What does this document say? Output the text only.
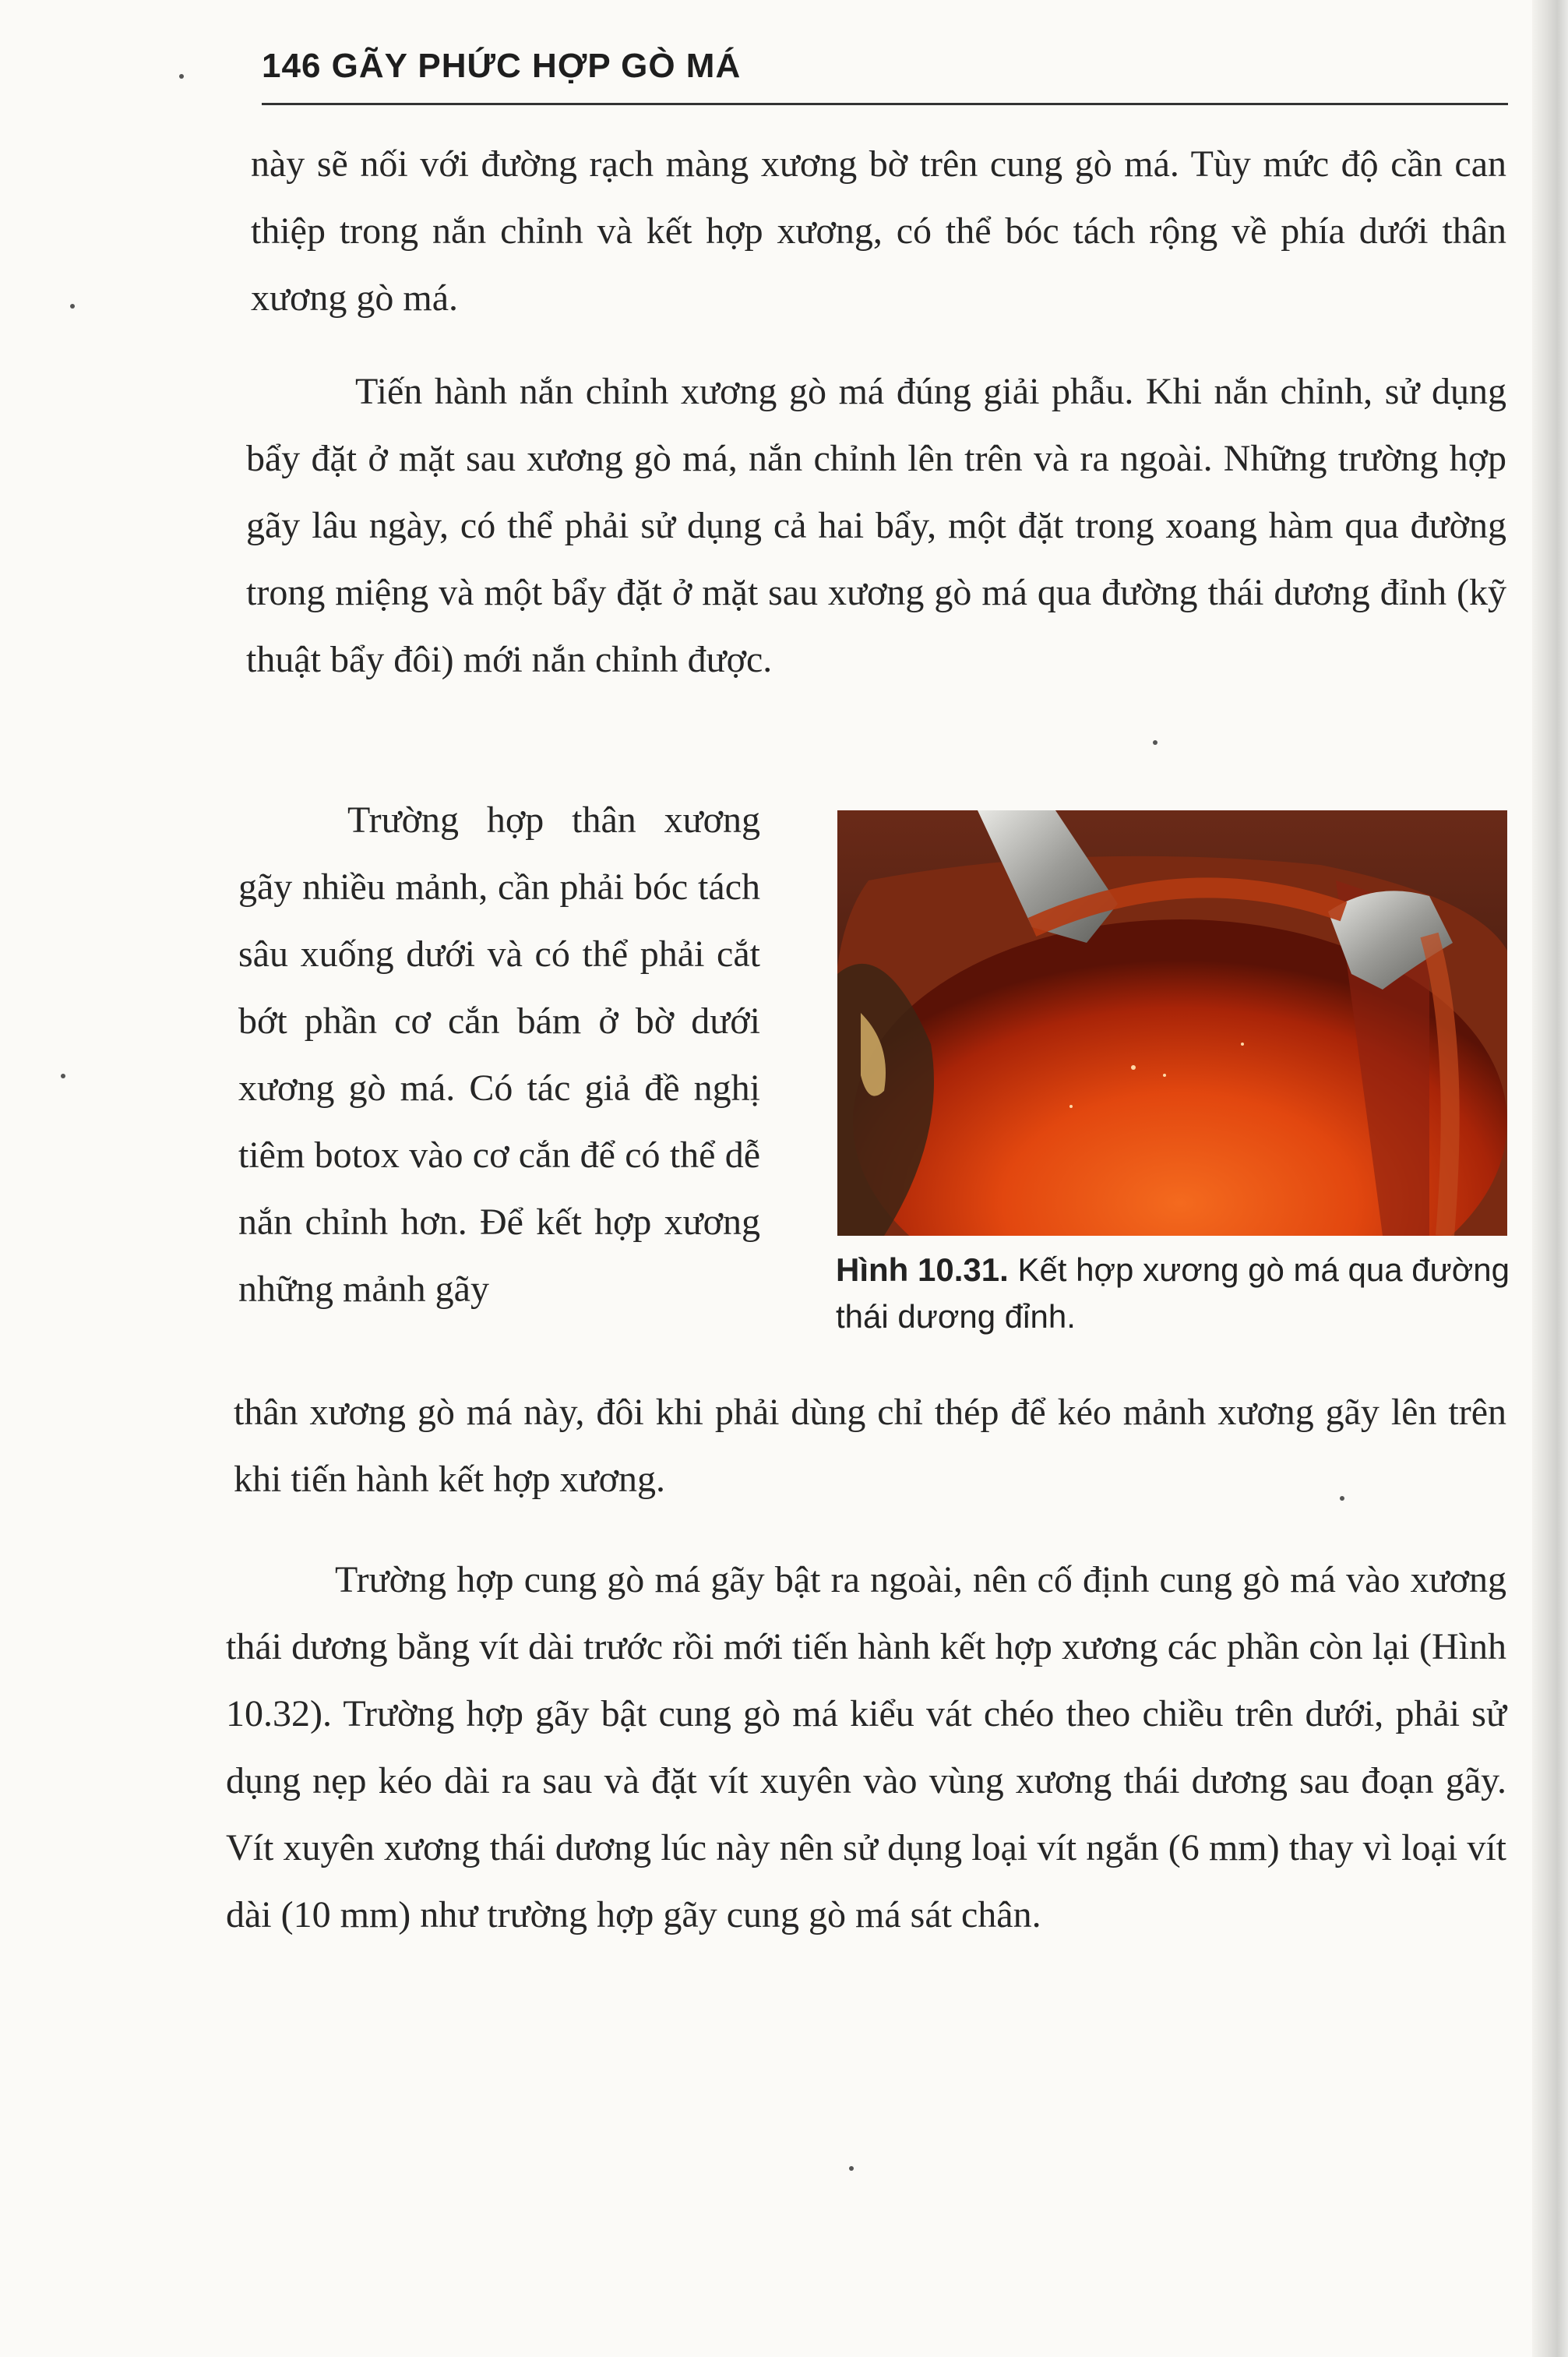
146 GÃY PHỨC HỢP GÒ MÁ
này sẽ nối với đường rạch màng xương bờ trên cung gò má. Tùy mức độ cần can thiệp trong nắn chỉnh và kết hợp xương, có thể bóc tách rộng về phía dưới thân xương gò má.
Tiến hành nắn chỉnh xương gò má đúng giải phẫu. Khi nắn chỉnh, sử dụng bẩy đặt ở mặt sau xương gò má, nắn chỉnh lên trên và ra ngoài. Những trường hợp gãy lâu ngày, có thể phải sử dụng cả hai bẩy, một đặt trong xoang hàm qua đường trong miệng và một bẩy đặt ở mặt sau xương gò má qua đường thái dương đỉnh (kỹ thuật bẩy đôi) mới nắn chỉnh được.
Trường hợp thân xương gãy nhiều mảnh, cần phải bóc tách sâu xuống dưới và có thể phải cắt bớt phần cơ cắn bám ở bờ dưới xương gò má. Có tác giả đề nghị tiêm botox vào cơ cắn để có thể dễ nắn chỉnh hơn. Để kết hợp xương những mảnh gãy	Hình 10.31. Kết hợp xương gò má qua đường thái dương đỉnh.
thân xương gò má này, đôi khi phải dùng chỉ thép để kéo mảnh xương gãy lên trên khi tiến hành kết hợp xương.
Trường hợp cung gò má gãy bật ra ngoài, nên cố định cung gò má vào xương thái dương bằng vít dài trước rồi mới tiến hành kết hợp xương các phần còn lại (Hình 10.32). Trường hợp gãy bật cung gò má kiểu vát chéo theo chiều trên dưới, phải sử dụng nẹp kéo dài ra sau và đặt vít xuyên vào vùng xương thái dương sau đoạn gãy. Vít xuyên xương thái dương lúc này nên sử dụng loại vít ngắn (6 mm) thay vì loại vít dài (10 mm) như trường hợp gãy cung gò má sát chân.
